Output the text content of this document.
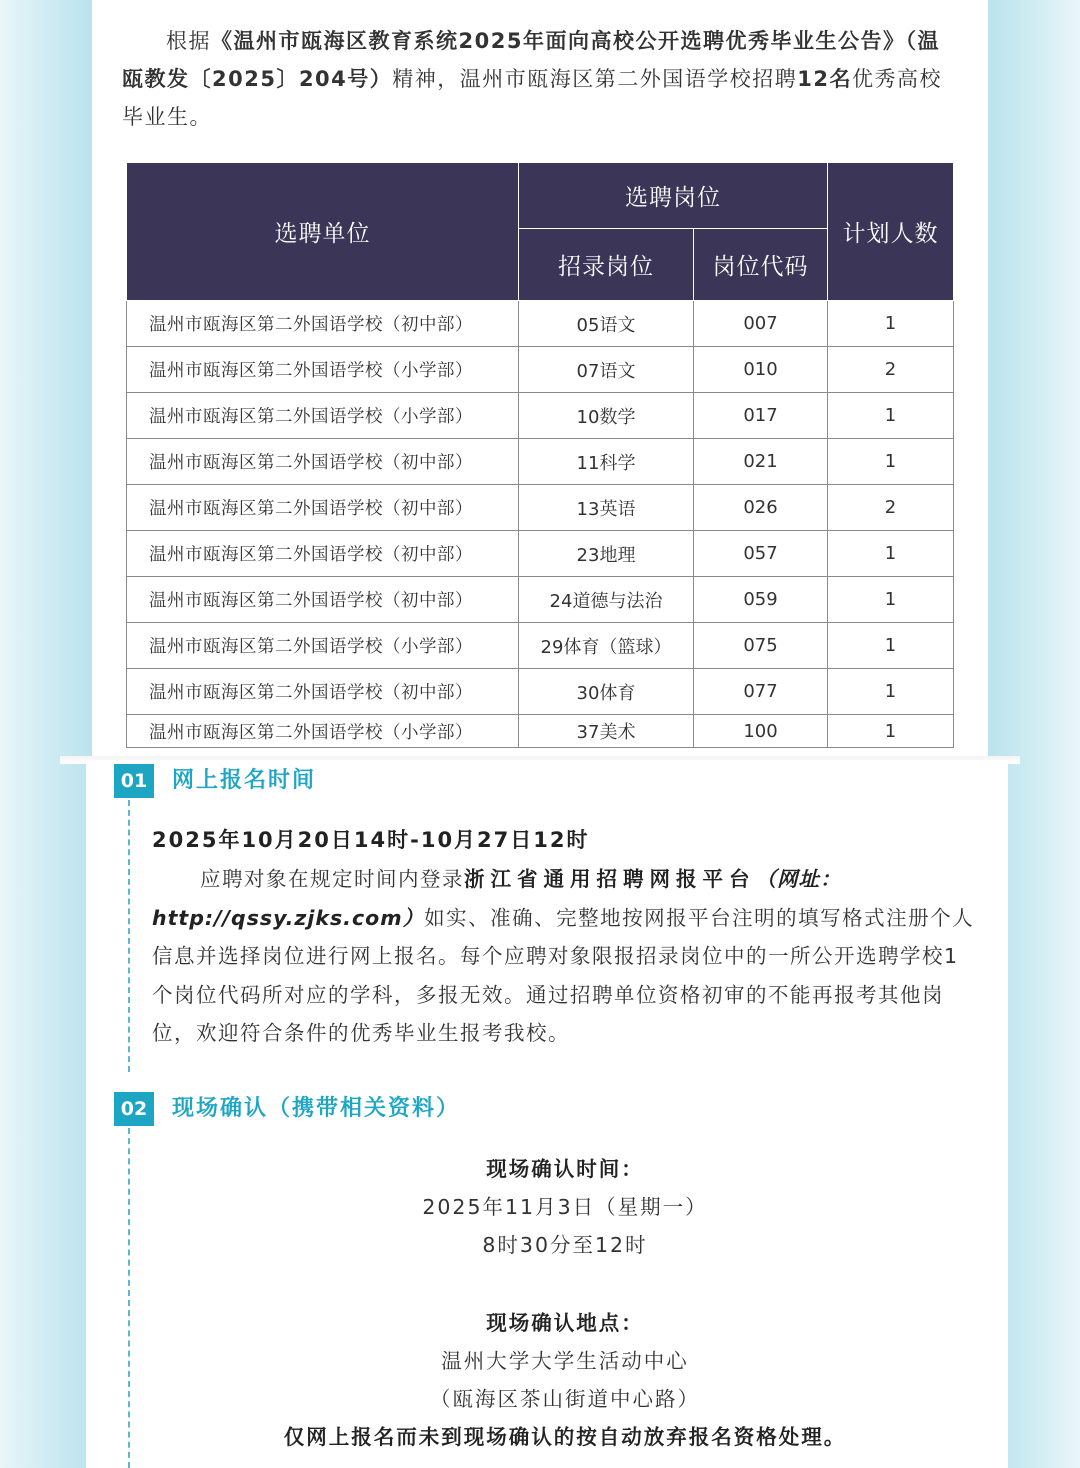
根据《温州市瓯海区教育系统2025年面向高校公开选聘优秀毕业生公告》（温瓯教发〔2025〕204号）精神，温州市瓯海区第二外国语学校招聘12名优秀高校毕业生。
选聘单位	选聘岗位		计划人数
	招录岗位	岗位代码	
温州市瓯海区第二外国语学校（初中部）	05语文	007	1
温州市瓯海区第二外国语学校（小学部）	07语文	010	2
温州市瓯海区第二外国语学校（小学部）	10数学	017	1
温州市瓯海区第二外国语学校（初中部）	11科学	021	1
温州市瓯海区第二外国语学校（初中部）	13英语	026	2
温州市瓯海区第二外国语学校（初中部）	23地理	057	1
温州市瓯海区第二外国语学校（初中部）	24道德与法治	059	1
温州市瓯海区第二外国语学校（小学部）	29体育（篮球）	075	1
温州市瓯海区第二外国语学校（初中部）	30体育	077	1
温州市瓯海区第二外国语学校（小学部）	37美术	100	1
01	网上报名时间
2025年10月20日14时-10月27日12时
应聘对象在规定时间内登录浙江省通用招聘网报平台（网址：http://qssy.zjks.com）如实、准确、完整地按网报平台注明的填写格式注册个人信息并选择岗位进行网上报名。每个应聘对象限报招录岗位中的一所公开选聘学校1个岗位代码所对应的学科，多报无效。通过招聘单位资格初审的不能再报考其他岗位，欢迎符合条件的优秀毕业生报考我校。
02	现场确认（携带相关资料）
现场确认时间：
2025年11月3日（星期一）
8时30分至12时
现场确认地点：
温州大学大学生活动中心
（瓯海区茶山街道中心路）
仅网上报名而未到现场确认的按自动放弃报名资格处理。
